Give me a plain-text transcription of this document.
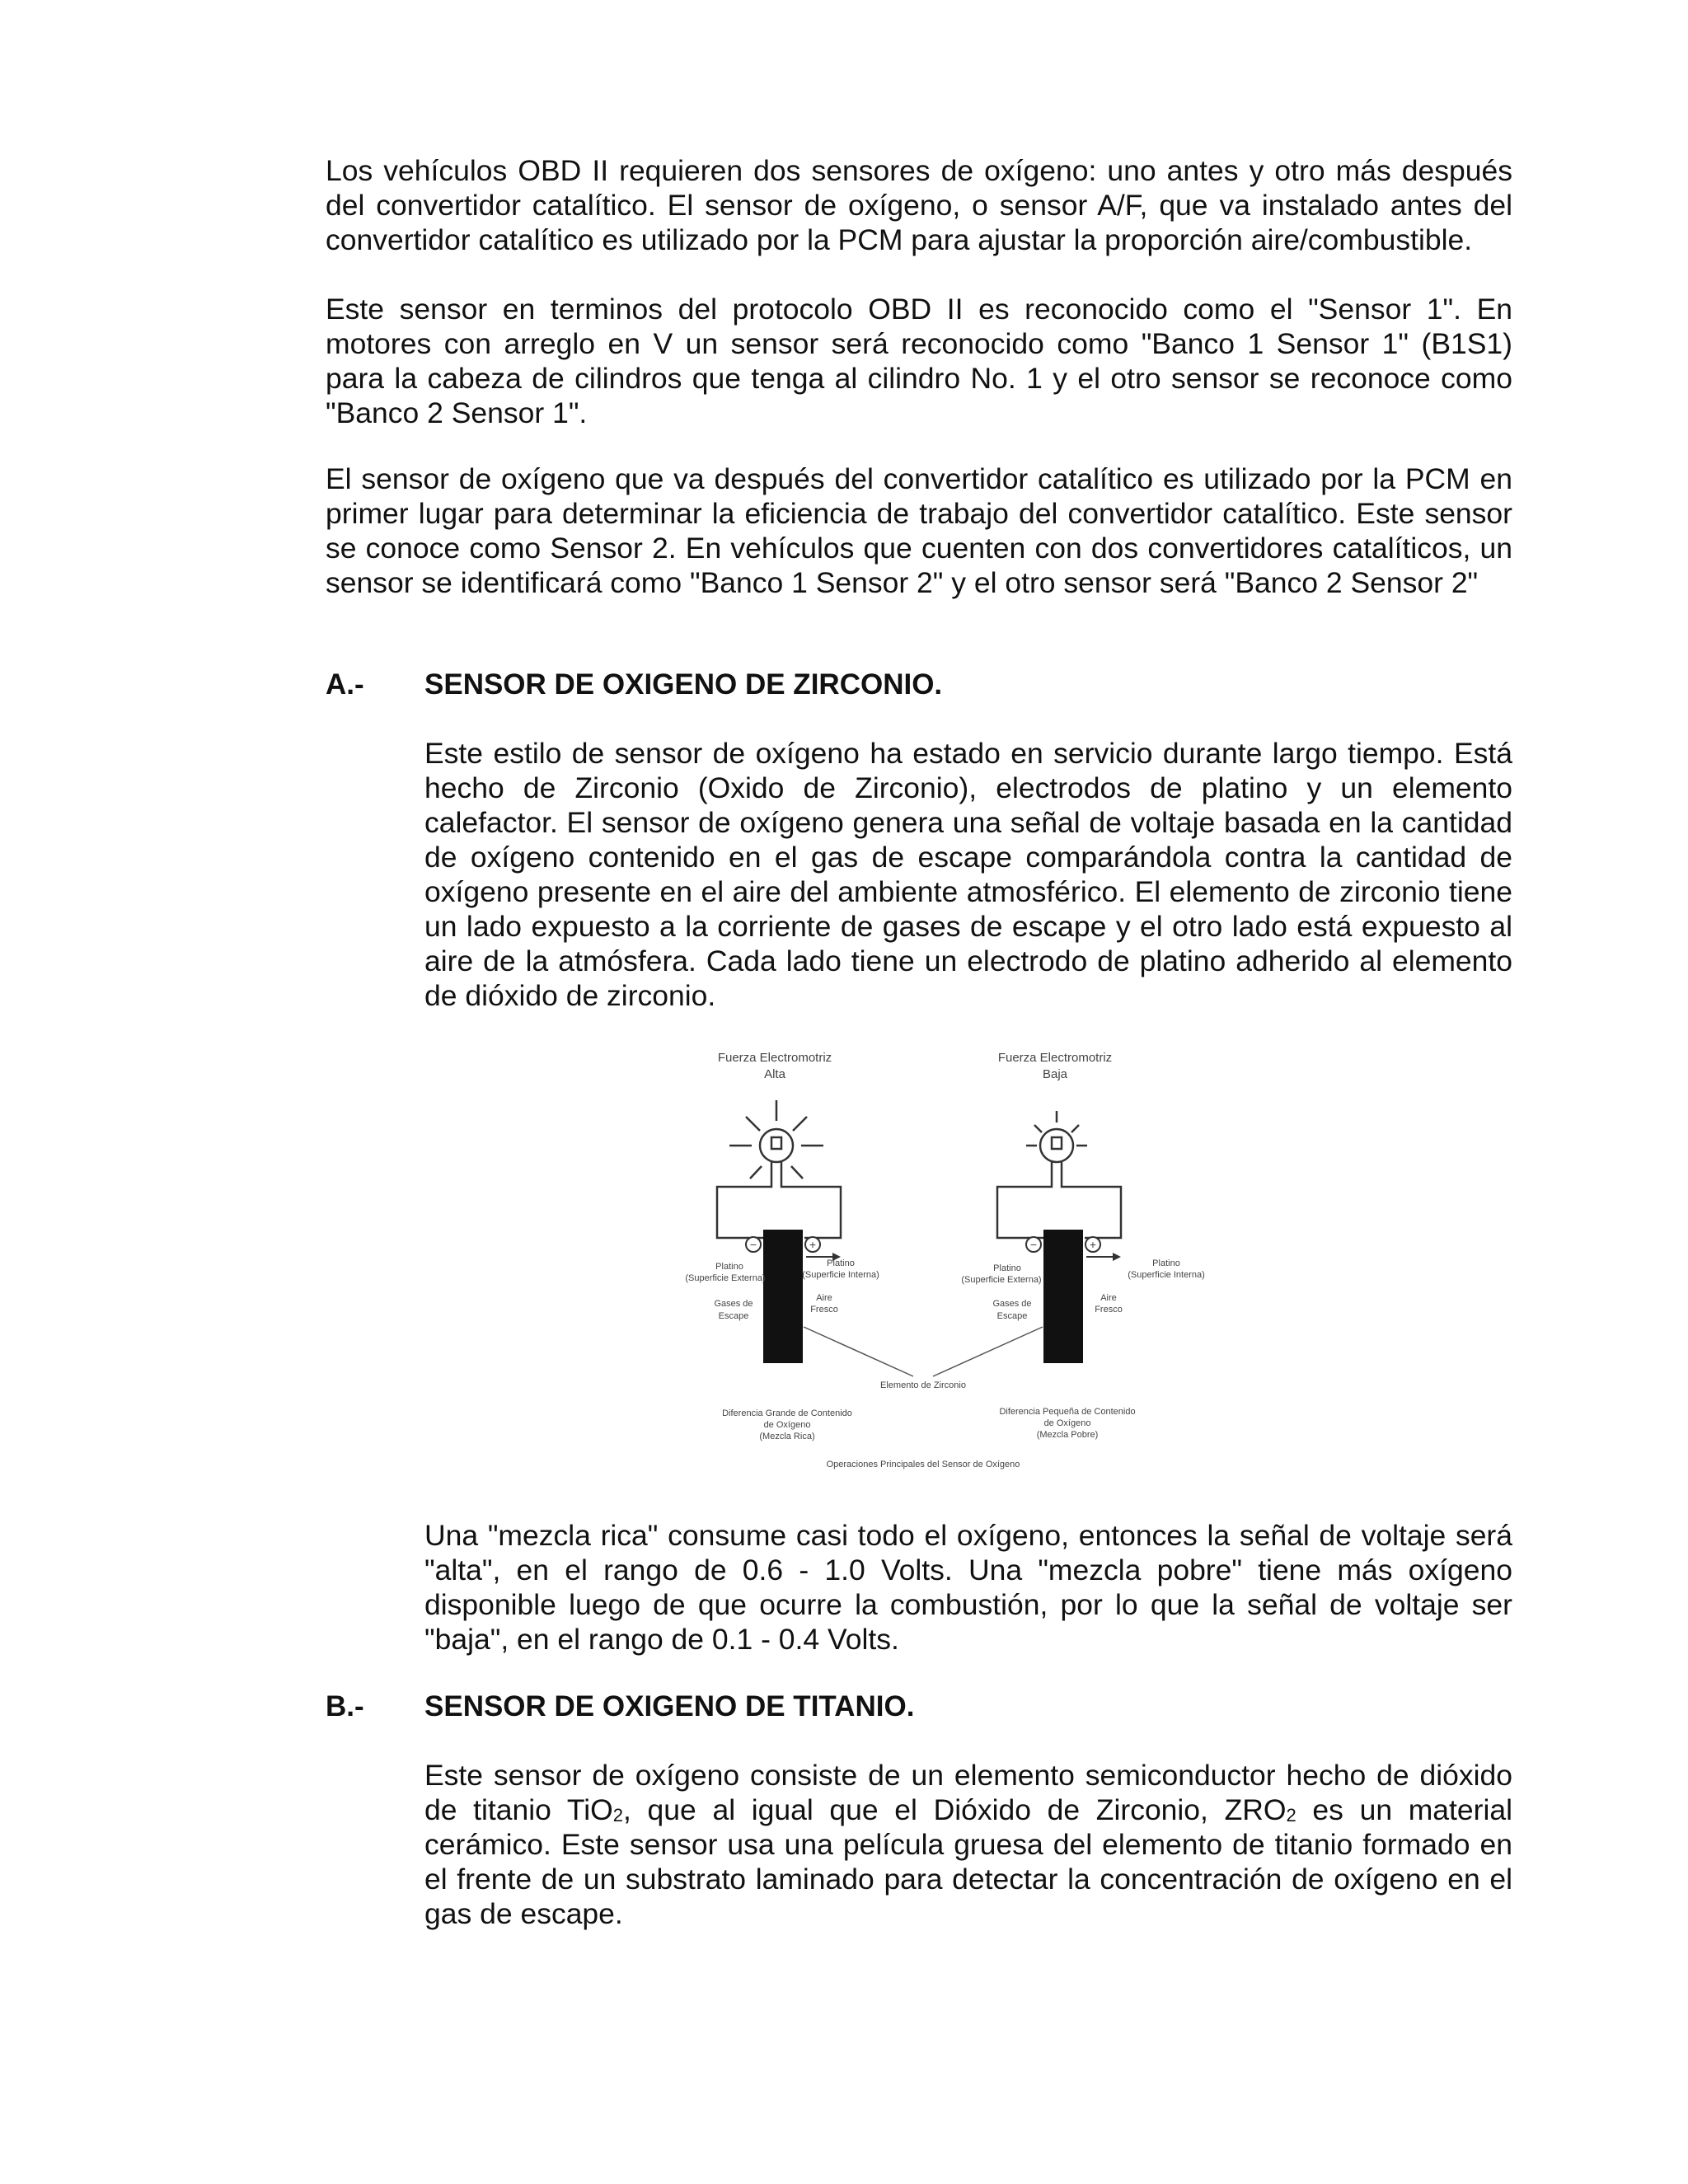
Los vehículos OBD II requieren dos sensores de oxígeno: uno antes y otro más después del convertidor catalítico. El sensor de oxígeno, o sensor A/F, que va instalado antes del convertidor catalítico es utilizado por la PCM para ajustar la proporción aire/combustible.

Este sensor en terminos del protocolo OBD II es reconocido como el "Sensor 1". En motores con arreglo en V un sensor será reconocido como "Banco 1 Sensor 1" (B1S1) para la cabeza de cilindros que tenga al cilindro No. 1 y el otro sensor se reconoce como "Banco 2 Sensor 1".

El sensor de oxígeno que va después del convertidor catalítico es utilizado por la PCM en primer lugar para determinar la eficiencia de trabajo del convertidor catalítico. Este sensor se conoce como Sensor 2. En vehículos que cuenten con dos convertidores catalíticos, un sensor se identificará como "Banco 1 Sensor 2" y el otro sensor será "Banco 2 Sensor 2"

A.- SENSOR DE OXIGENO DE ZIRCONIO.

Este estilo de sensor de oxígeno ha estado en servicio durante largo tiempo. Está hecho de Zirconio (Oxido de Zirconio), electrodos de platino y un elemento calefactor. El sensor de oxígeno genera una señal de voltaje basada en la cantidad de oxígeno contenido en el gas de escape comparándola contra la cantidad de oxígeno presente en el aire del ambiente atmosférico. El elemento de zirconio tiene un lado expuesto a la corriente de gases de escape y el otro lado está expuesto al aire de la atmósfera. Cada lado tiene un electrodo de platino adherido al elemento de dióxido de zirconio.

Fuerza Electromotriz
Alta
−	+
Platino
(Superficie Externa)
Platino
(Superficie Interna)
Gases de
Escape
Aire
Fresco
Fuerza Electromotriz
Baja
−	+
Platino
(Superficie Externa)
Platino
(Superficie Interna)
Gases de
Escape
Aire
Fresco
Elemento de Zirconio
Diferencia Grande de Contenido
de Oxígeno
(Mezcla Rica)
Diferencia Pequeña de Contenido
de Oxígeno
(Mezcla Pobre)
Operaciones Principales del Sensor de Oxígeno

Una "mezcla rica" consume casi todo el oxígeno, entonces la señal de voltaje será "alta", en el rango de 0.6 - 1.0 Volts. Una "mezcla pobre" tiene más oxígeno disponible luego de que ocurre la combustión, por lo que la señal de voltaje ser "baja", en el rango de 0.1 - 0.4 Volts.

B.- SENSOR DE OXIGENO DE TITANIO.

Este sensor de oxígeno consiste de un elemento semiconductor hecho de dióxido de titanio TiO$_2$, que al igual que el Dióxido de Zirconio, $ZRO_2$ es un material cerámico. Este sensor usa una película gruesa del elemento de titanio formado en el frente de un substrato laminado para detectar la concentración de oxígeno en el gas de escape.
